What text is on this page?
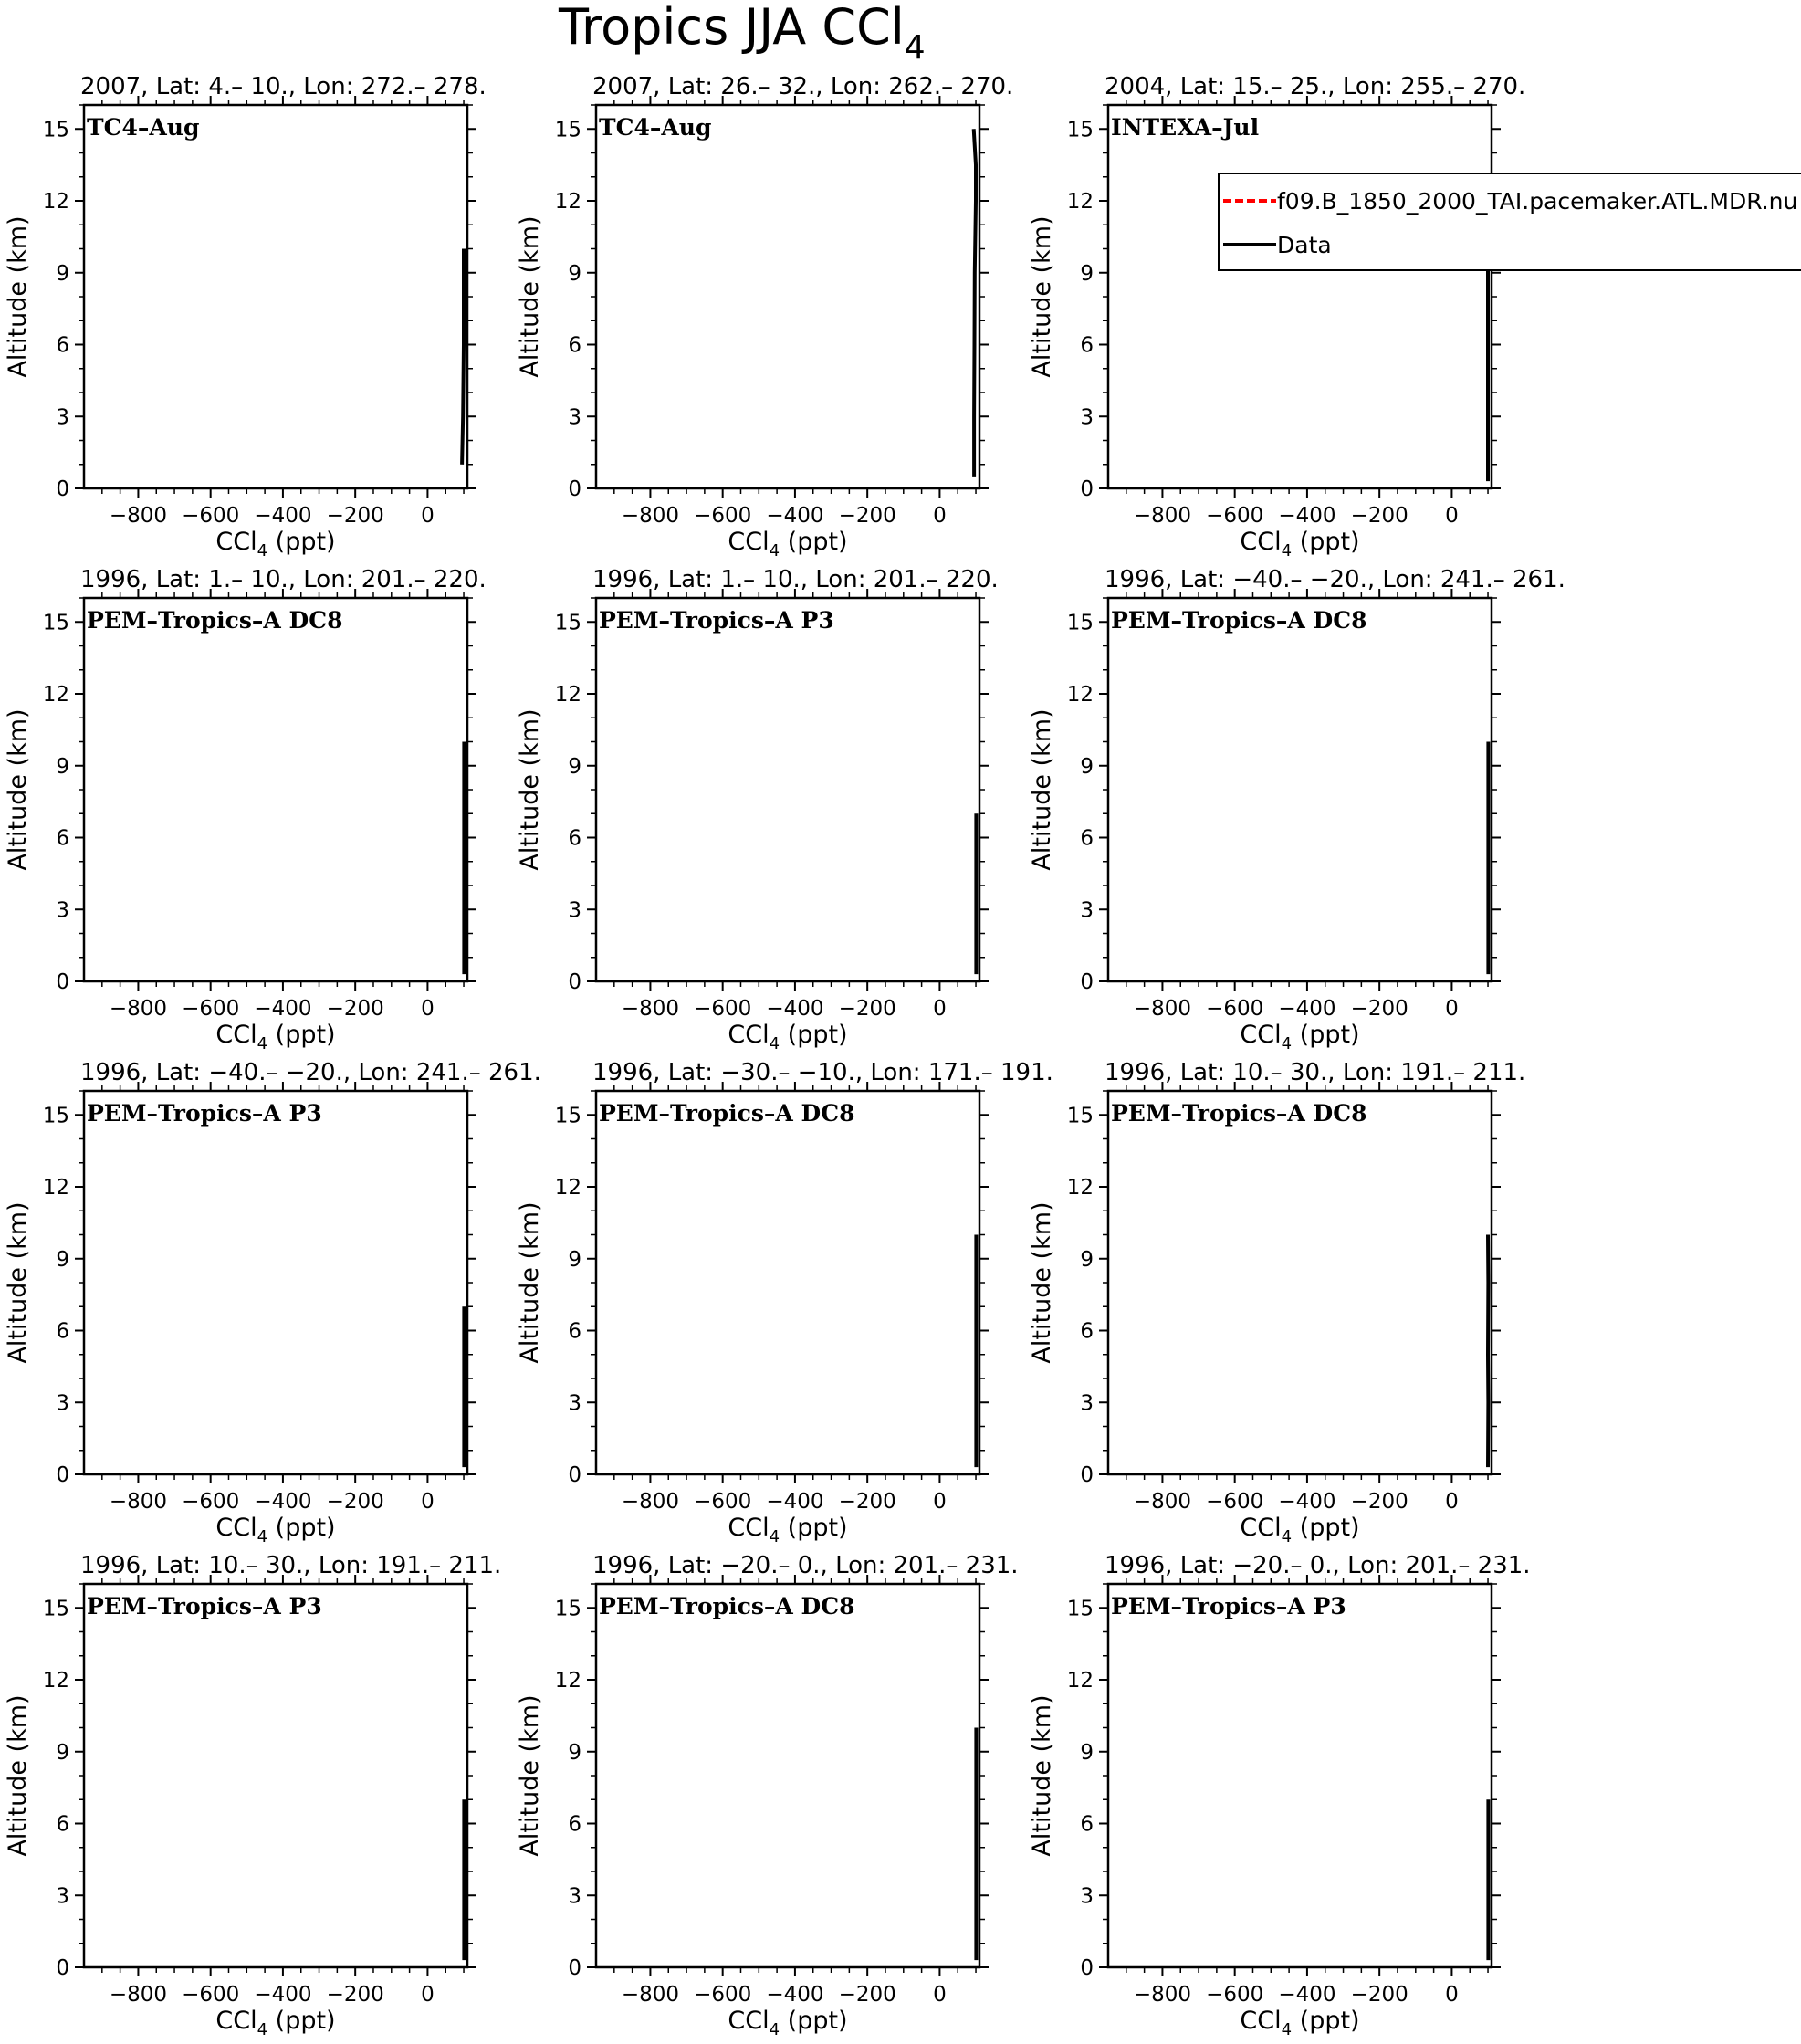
Tropics JJA CCl$_4$
2007, Lat: 4.– 10., Lon: 272.– 278.
TC4–Aug
−800 −600 −400 −200 0
0
3
6
9
12
15
CCl$_4$ (ppt)
Altitude (km)
2007, Lat: 26.– 32., Lon: 262.– 270.
TC4–Aug
−800 −600 −400 −200 0
0
3
6
9
12
15
CCl$_4$ (ppt)
Altitude (km)
2004, Lat: 15.– 25., Lon: 255.– 270.
INTEXA–Jul
−800 −600 −400 −200 0
0
3
6
9
12
15
CCl$_4$ (ppt)
Altitude (km)
1996, Lat: 1.– 10., Lon: 201.– 220.
PEM–Tropics–A DC8
−800 −600 −400 −200 0
0
3
6
9
12
15
CCl$_4$ (ppt)
Altitude (km)
1996, Lat: 1.– 10., Lon: 201.– 220.
PEM–Tropics–A P3
−800 −600 −400 −200 0
0
3
6
9
12
15
CCl$_4$ (ppt)
Altitude (km)
1996, Lat: −40.– −20., Lon: 241.– 261.
PEM–Tropics–A DC8
−800 −600 −400 −200 0
0
3
6
9
12
15
CCl$_4$ (ppt)
Altitude (km)
1996, Lat: −40.– −20., Lon: 241.– 261.
PEM–Tropics–A P3
−800 −600 −400 −200 0
0
3
6
9
12
15
CCl$_4$ (ppt)
Altitude (km)
1996, Lat: −30.– −10., Lon: 171.– 191.
PEM–Tropics–A DC8
−800 −600 −400 −200 0
0
3
6
9
12
15
CCl$_4$ (ppt)
Altitude (km)
1996, Lat: 10.– 30., Lon: 191.– 211.
PEM–Tropics–A DC8
−800 −600 −400 −200 0
0
3
6
9
12
15
CCl$_4$ (ppt)
Altitude (km)
1996, Lat: 10.– 30., Lon: 191.– 211.
PEM–Tropics–A P3
−800 −600 −400 −200 0
0
3
6
9
12
15
CCl$_4$ (ppt)
Altitude (km)
1996, Lat: −20.– 0., Lon: 201.– 231.
PEM–Tropics–A DC8
−800 −600 −400 −200 0
0
3
6
9
12
15
CCl$_4$ (ppt)
Altitude (km)
1996, Lat: −20.– 0., Lon: 201.– 231.
PEM–Tropics–A P3
−800 −600 −400 −200 0
0
3
6
9
12
15
CCl$_4$ (ppt)
Altitude (km)
f09.B_1850_2000_TAI.pacemaker.ATL.MDR.nu
Data
